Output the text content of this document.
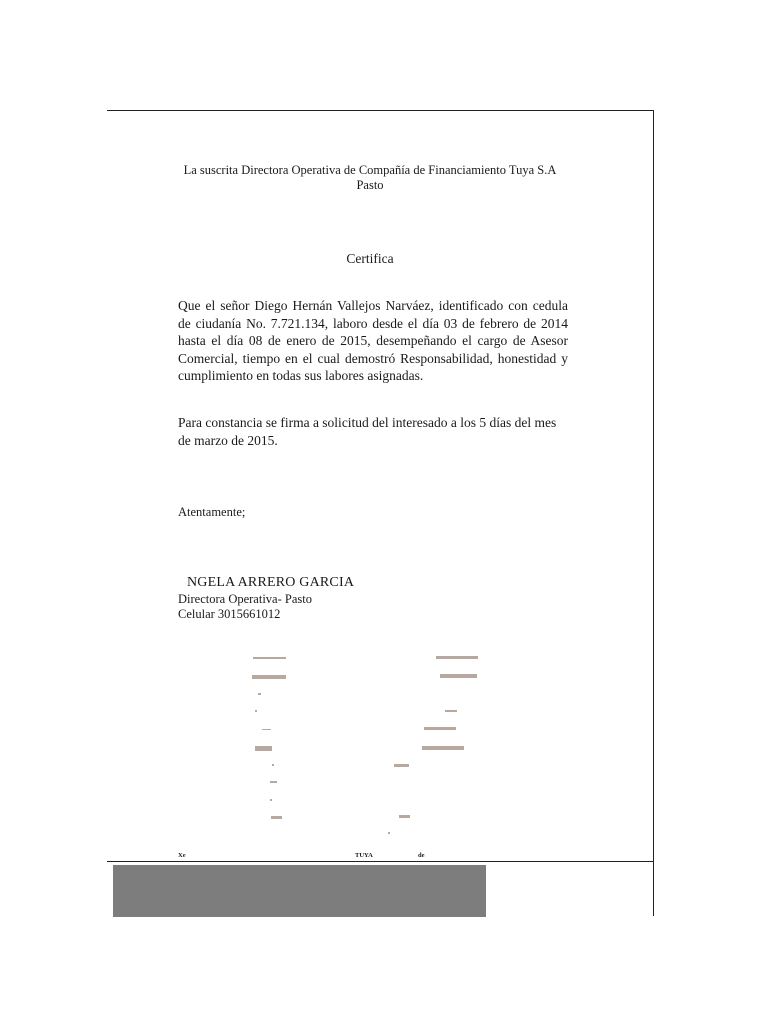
La suscrita Directora Operativa de Compañía de Financiamiento Tuya S.A
Pasto
Certifica
Que el señor Diego Hernán Vallejos Narváez, identificado con cedula de ciudanía No. 7.721.134, laboro desde el día 03 de febrero de 2014 hasta el día 08 de enero de 2015, desempeñando el cargo de Asesor Comercial, tiempo en el cual demostró Responsabilidad, honestidad y cumplimiento en todas sus labores asignadas.
Para constancia se firma a solicitud del interesado a los 5 días del mes de marzo de 2015.
Atentamente;
NGELA ARRERO GARCIA
Directora Operativa- Pasto
Celular 3015661012
Xe	TUYA	de
